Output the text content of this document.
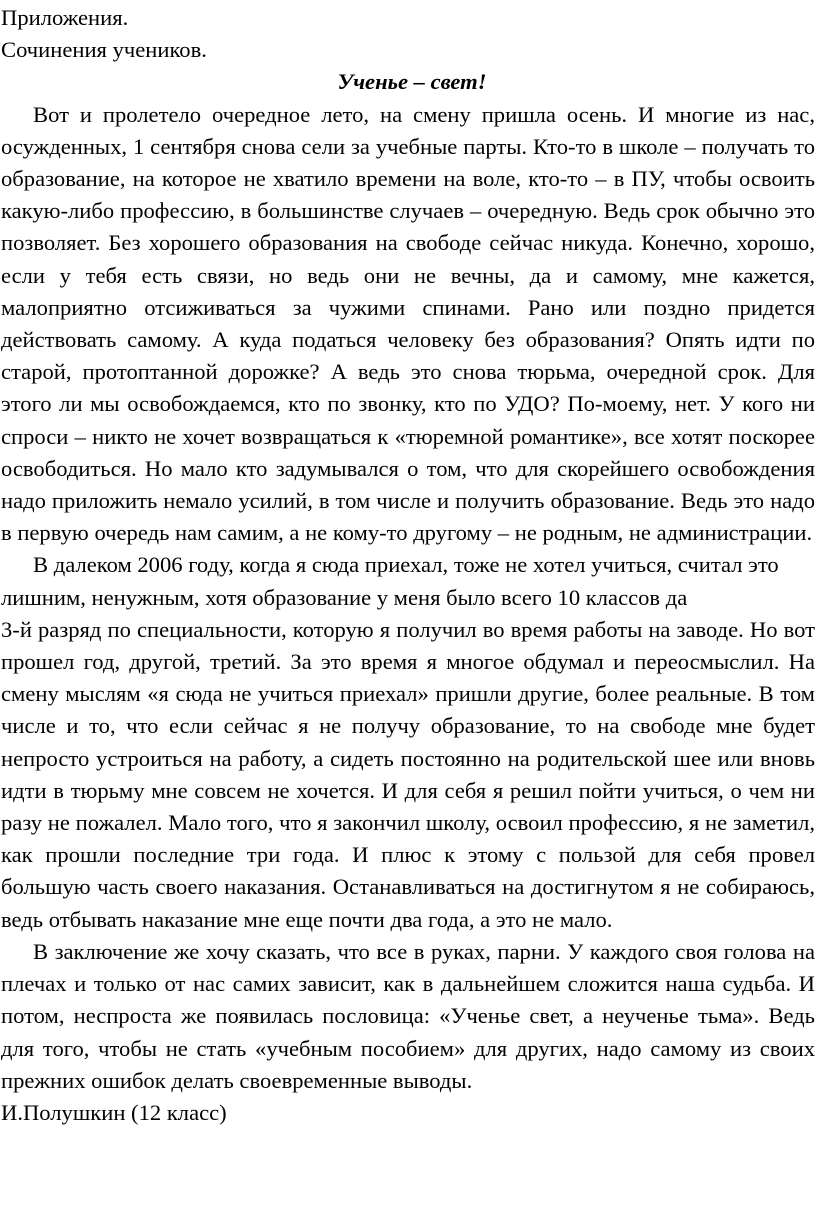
Приложения.

Сочинения учеников.

Ученье – свет!

Вот и пролетело очередное лето, на смену пришла осень. И многие из нас, осужденных, 1 сентября снова сели за учебные парты. Кто-то в школе – получать то образование, на которое не хватило времени на воле, кто-то – в ПУ, чтобы освоить какую-либо профессию, в большинстве случаев – очередную. Ведь срок обычно это позволяет. Без хорошего образования на свободе сейчас никуда. Конечно, хорошо, если у тебя есть связи, но ведь они не вечны, да и самому, мне кажется, малоприятно отсиживаться за чужими спинами. Рано или поздно придется действовать самому. А куда податься человеку без образования? Опять идти по старой, протоптанной дорожке? А ведь это снова тюрьма, очередной срок. Для этого ли мы освобождаемся, кто по звонку, кто по УДО? По-моему, нет. У кого ни спроси – никто не хочет возвращаться к «тюремной романтике», все хотят поскорее освободиться. Но мало кто задумывался о том, что для скорейшего освобождения надо приложить немало усилий, в том числе и получить образование. Ведь это надо в первую очередь нам самим, а не кому-то другому – не родным, не администрации.

В далеком 2006 году, когда я сюда приехал, тоже не хотел учиться, считал это лишним, ненужным, хотя образование у меня было всего 10 классов да

3-й разряд по специальности, которую я получил во время работы на заводе. Но вот прошел год, другой, третий. За это время я многое обдумал и переосмыслил. На смену мыслям «я сюда не учиться приехал» пришли другие, более реальные. В том числе и то, что если сейчас я не получу образование, то на свободе мне будет непросто устроиться на работу, а сидеть постоянно на родительской шее или вновь идти в тюрьму мне совсем не хочется. И для себя я решил пойти учиться, о чем ни разу не пожалел. Мало того, что я закончил школу, освоил профессию, я не заметил, как прошли последние три года. И плюс к этому с пользой для себя провел большую часть своего наказания. Останавливаться на достигнутом я не собираюсь, ведь отбывать наказание мне еще почти два года, а это не мало.

В заключение же хочу сказать, что все в руках, парни. У каждого своя голова на плечах и только от нас самих зависит, как в дальнейшем сложится наша судьба. И потом, неспроста же появилась пословица: «Ученье свет, а неученье тьма». Ведь для того, чтобы не стать «учебным пособием» для других, надо самому из своих прежних ошибок делать своевременные выводы.

И.Полушкин (12 класс)
